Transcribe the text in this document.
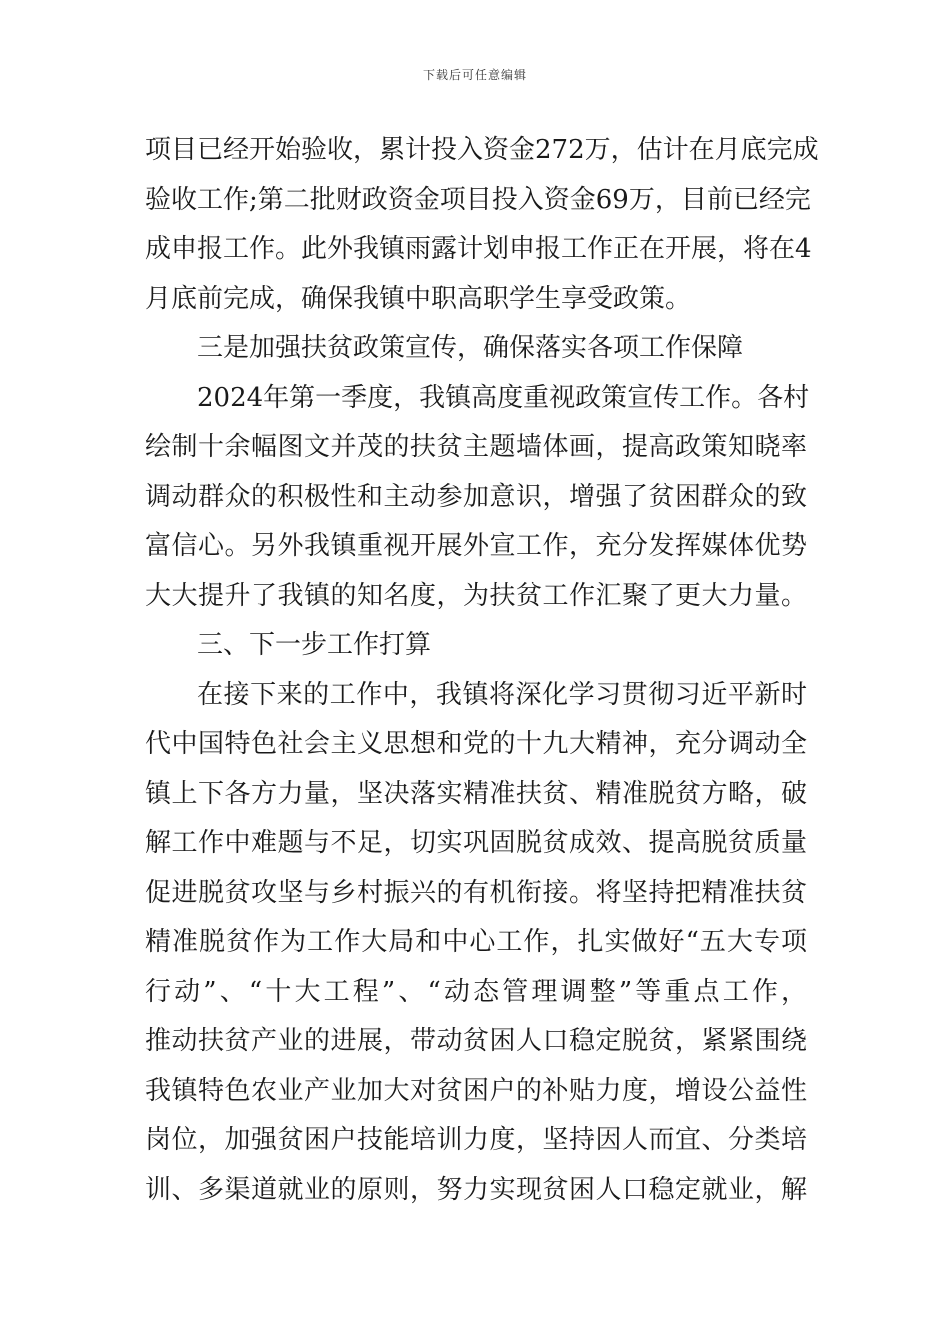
下载后可任意编辑
项目已经开始验收，累计投入资金272万，估计在月底完成
验收工作;第二批财政资金项目投入资金69万，目前已经完
成申报工作。此外我镇雨露计划申报工作正在开展，将在4
月底前完成，确保我镇中职高职学生享受政策。
三是加强扶贫政策宣传，确保落实各项工作保障
2024年第一季度，我镇高度重视政策宣传工作。各村
绘制十余幅图文并茂的扶贫主题墙体画，提高政策知晓率
调动群众的积极性和主动参加意识，增强了贫困群众的致
富信心。另外我镇重视开展外宣工作，充分发挥媒体优势
大大提升了我镇的知名度，为扶贫工作汇聚了更大力量。
三、下一步工作打算
在接下来的工作中，我镇将深化学习贯彻习近平新时
代中国特色社会主义思想和党的十九大精神，充分调动全
镇上下各方力量，坚决落实精准扶贫、精准脱贫方略，破
解工作中难题与不足，切实巩固脱贫成效、提高脱贫质量
促进脱贫攻坚与乡村振兴的有机衔接。将坚持把精准扶贫
精准脱贫作为工作大局和中心工作，扎实做好“五大专项
行动”、“十大工程”、“动态管理调整”等重点工作，
推动扶贫产业的进展，带动贫困人口稳定脱贫，紧紧围绕
我镇特色农业产业加大对贫困户的补贴力度，增设公益性
岗位，加强贫困户技能培训力度，坚持因人而宜、分类培
训、多渠道就业的原则，努力实现贫困人口稳定就业，解
